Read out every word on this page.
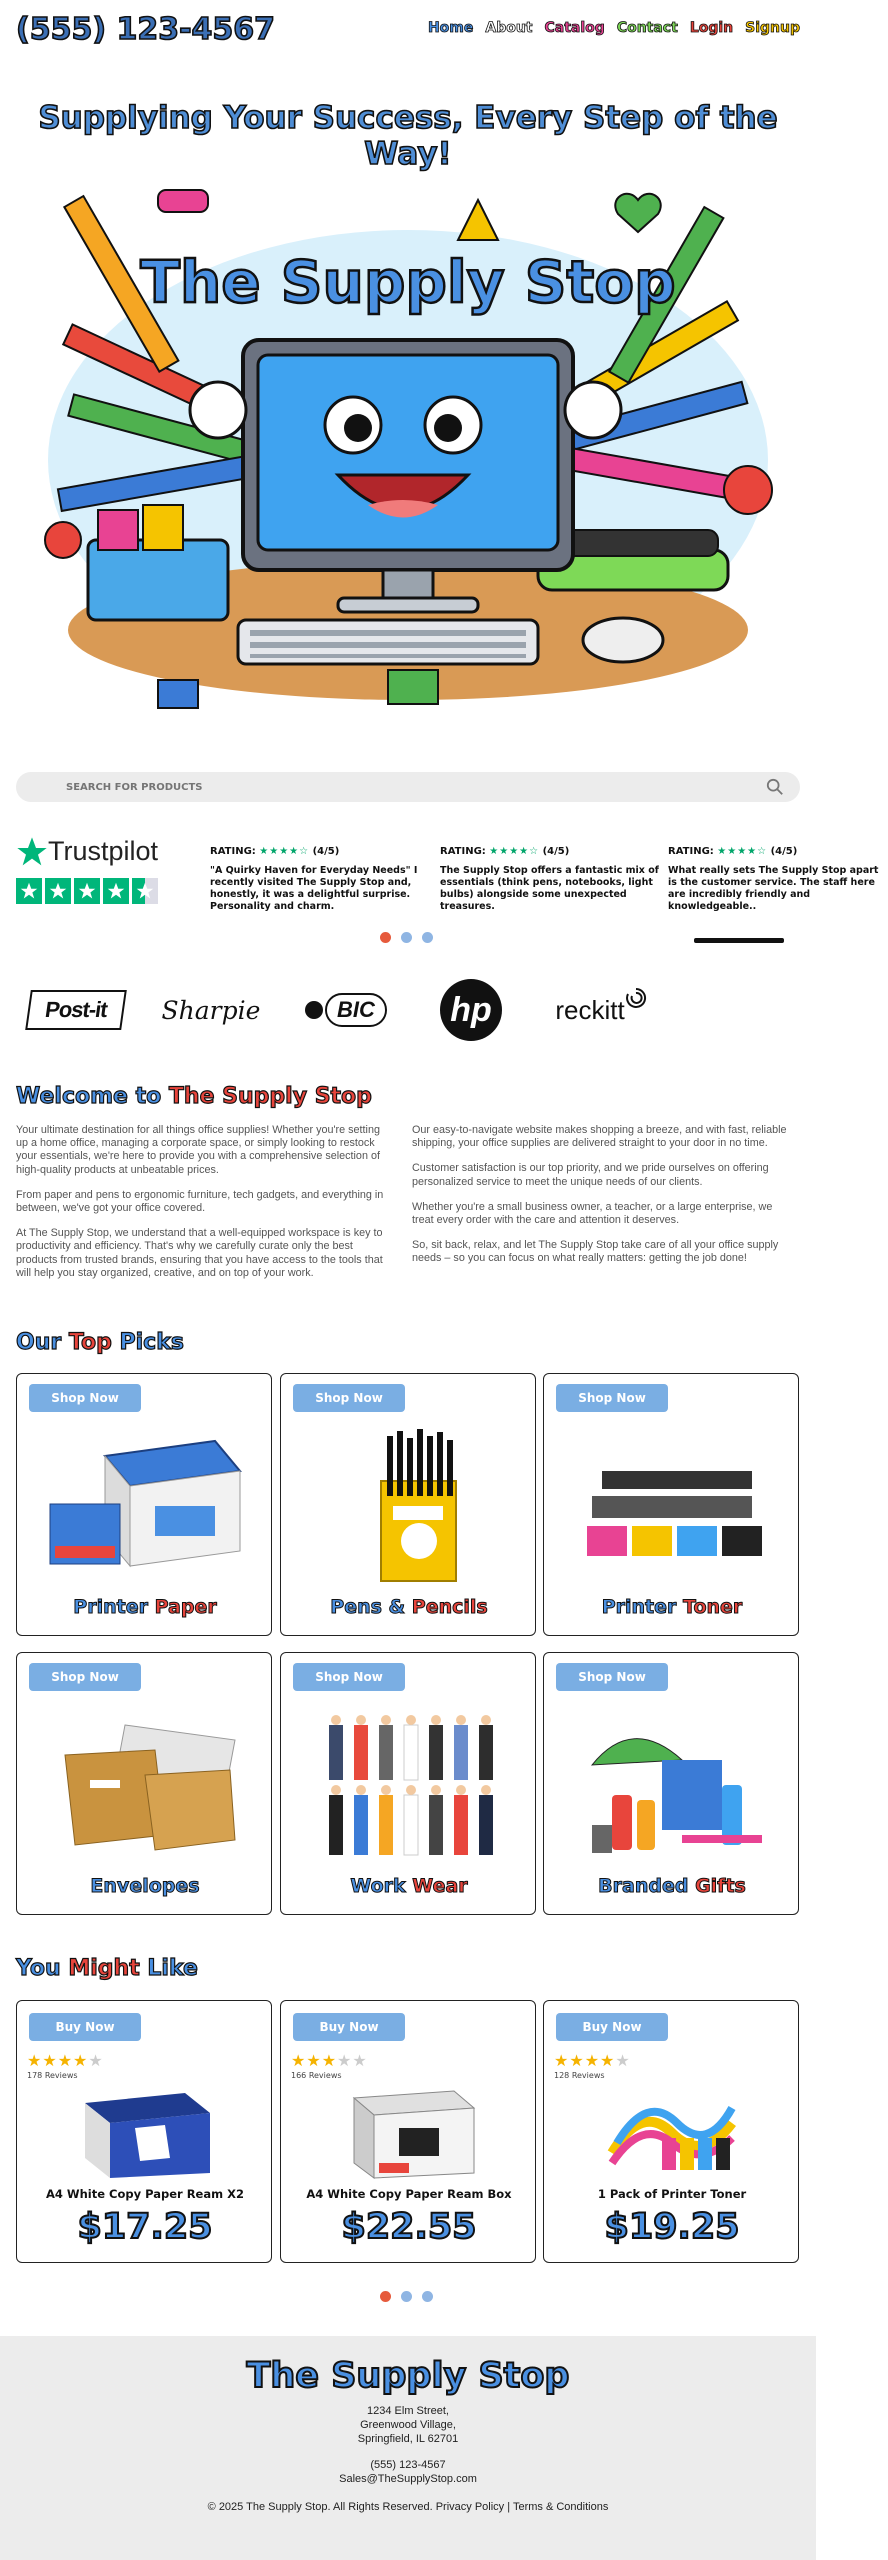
(555) 123-4567	Home About Catalog Contact Login Signup
Supplying Your Success, Every Step of the Way!
The Supply Stop
SEARCH FOR PRODUCTS
Trustpilot	RATING: ★★★★☆ (4/5)
"A Quirky Haven for Everyday Needs" I recently visited The Supply Stop and, honestly, it was a delightful surprise. Personality and charm.
RATING: ★★★★☆ (4/5)
The Supply Stop offers a fantastic mix of essentials (think pens, notebooks, light bulbs) alongside some unexpected treasures.
RATING: ★★★★☆ (4/5)
What really sets The Supply Stop apart is the customer service. The staff here are incredibly friendly and knowledgeable..
Post-it Sharpie	BIC	hp reckitt
Welcome to The Supply Stop

Your ultimate destination for all things office supplies! Whether you're setting up a home office, managing a corporate space, or simply looking to restock your essentials, we're here to provide you with a comprehensive selection of high-quality products at unbeatable prices.

From paper and pens to ergonomic furniture, tech gadgets, and everything in between, we've got your office covered.

At The Supply Stop, we understand that a well-equipped workspace is key to productivity and efficiency. That's why we carefully curate only the best products from trusted brands, ensuring that you have access to the tools that will help you stay organized, creative, and on top of your work.

Our easy-to-navigate website makes shopping a breeze, and with fast, reliable shipping, your office supplies are delivered straight to your door in no time.

Customer satisfaction is our top priority, and we pride ourselves on offering personalized service to meet the unique needs of our clients.

Whether you're a small business owner, a teacher, or a large enterprise, we treat every order with the care and attention it deserves.

So, sit back, relax, and let The Supply Stop take care of all your office supply needs – so you can focus on what really matters: getting the job done!

Our Top Picks
Shop Now
Printer Paper
Shop Now
Pens & Pencils
Shop Now
Printer Toner
Shop Now
Envelopes
Shop Now
Work Wear
Shop Now
Branded Gifts
You Might Like
Buy Now
★★★★★
178 Reviews
A4 White Copy Paper Ream X2
$17.25
Buy Now
★★★★★
166 Reviews
A4 White Copy Paper Ream Box
$22.55
Buy Now
★★★★★
128 Reviews
1 Pack of Printer Toner
$19.25
The Supply Stop
1234 Elm Street,
Greenwood Village,
Springfield, IL 62701
(555) 123-4567
Sales@TheSupplyStop.com
© 2025 The Supply Stop. All Rights Reserved. Privacy Policy | Terms & Conditions
